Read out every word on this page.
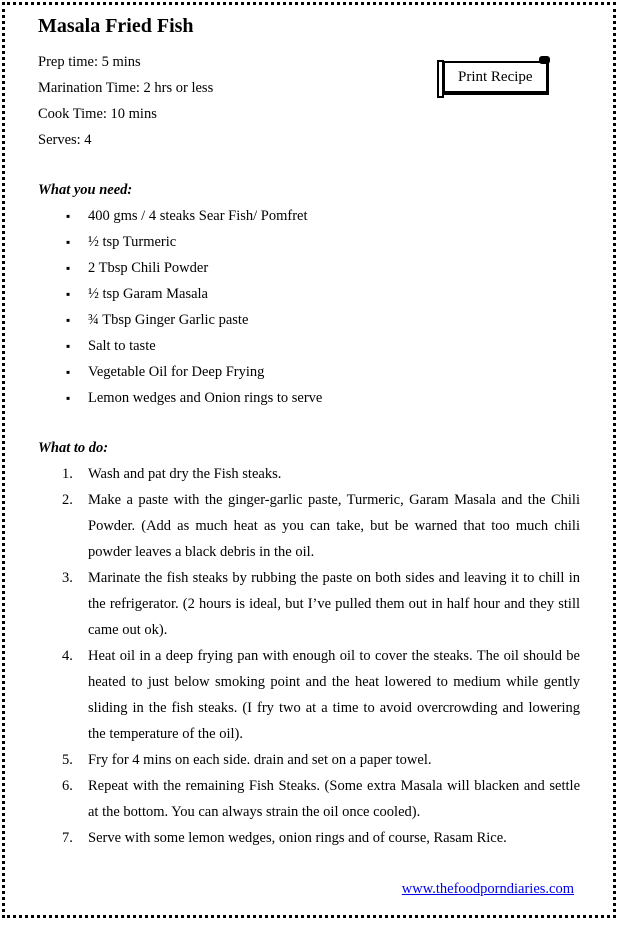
Masala Fried Fish
Prep time: 5 mins
Marination Time: 2 hrs or less
Cook Time: 10 mins
Serves: 4
What you need:
▪ 400 gms / 4 steaks Sear Fish/ Pomfret
▪ ½ tsp Turmeric
▪ 2 Tbsp Chili Powder
▪ ½ tsp Garam Masala
▪ ¾ Tbsp Ginger Garlic paste
▪ Salt to taste
▪ Vegetable Oil for Deep Frying
▪ Lemon wedges and Onion rings to serve
What to do:
1. Wash and pat dry the Fish steaks.
2. Make a paste with the ginger-garlic paste, Turmeric, Garam Masala and the Chili Powder. (Add as much heat as you can take, but be warned that too much chili powder leaves a black debris in the oil.
3. Marinate the fish steaks by rubbing the paste on both sides and leaving it to chill in the refrigerator. (2 hours is ideal, but I’ve pulled them out in half hour and they still came out ok).
4. Heat oil in a deep frying pan with enough oil to cover the steaks. The oil should be heated to just below smoking point and the heat lowered to medium while gently sliding in the fish steaks. (I fry two at a time to avoid overcrowding and lowering the temperature of the oil).
5. Fry for 4 mins on each side. drain and set on a paper towel.
6. Repeat with the remaining Fish Steaks. (Some extra Masala will blacken and settle at the bottom. You can always strain the oil once cooled).
7. Serve with some lemon wedges, onion rings and of course, Rasam Rice.
www.thefoodporndiaries.com
Print Recipe
